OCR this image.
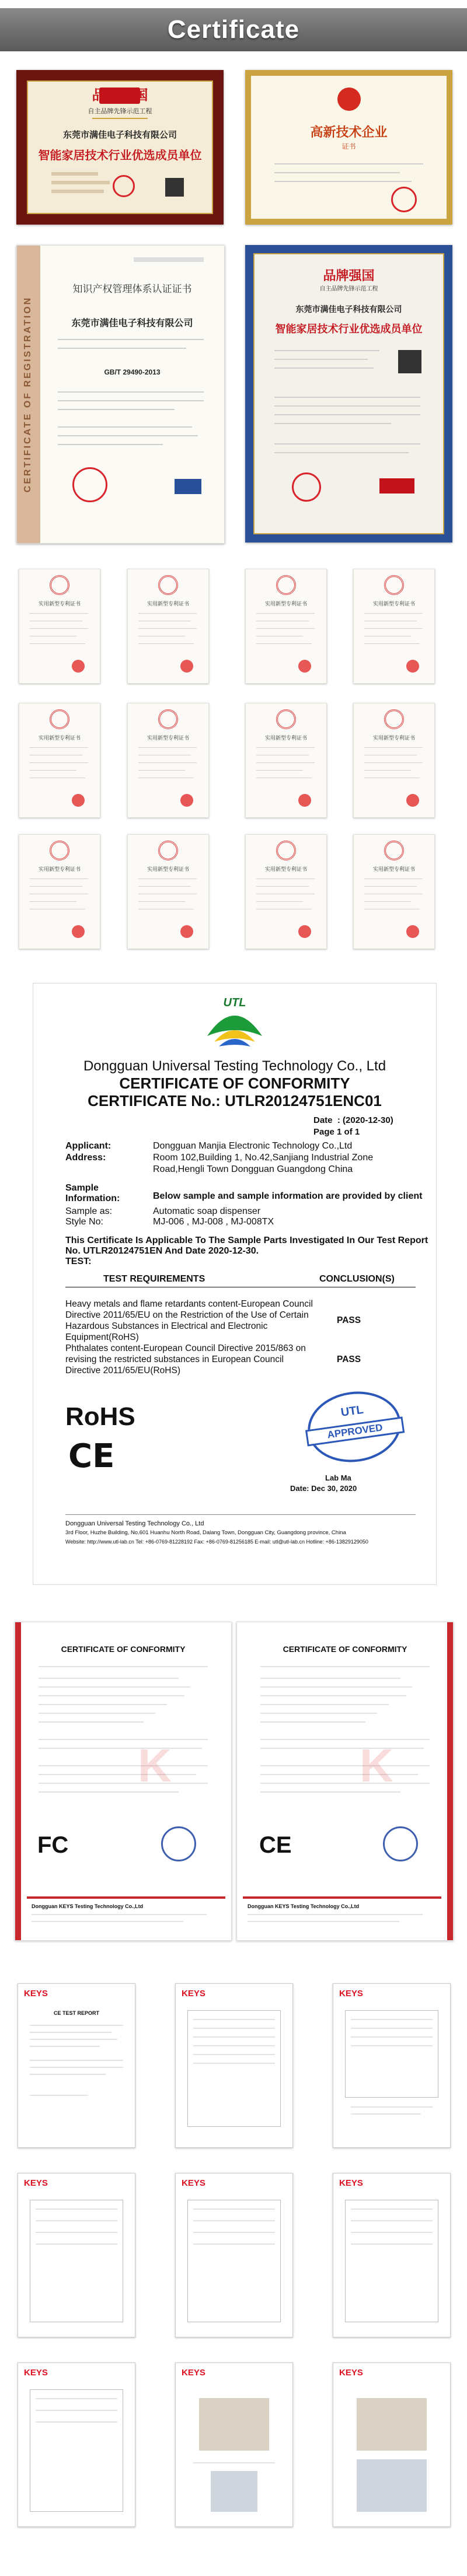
Certificate
品牌强国
自主品牌先锋示范工程
东莞市满佳电子科技有限公司
智能家居技术行业优选成员单位
高新技术企业
证书
CERTIFICATE OF REGISTRATION
知识产权管理体系认证证书
东莞市满佳电子科技有限公司
GB/T 29490-2013
品牌强国
自主品牌先锋示范工程
东莞市满佳电子科技有限公司
智能家居技术行业优选成员单位
实用新型专利证书	实用新型专利证书	实用新型专利证书	实用新型专利证书
实用新型专利证书	实用新型专利证书	实用新型专利证书	实用新型专利证书
实用新型专利证书	实用新型专利证书	实用新型专利证书	实用新型专利证书
UTL
Dongguan Universal Testing Technology Co., Ltd
CERTIFICATE OF CONFORMITY
CERTIFICATE No.: UTLR20124751ENC01
Date  : (2020-12-30)
Page 1 of 1
Applicant:	Dongguan Manjia Electronic Technology Co.,Ltd
Address:	Room 102,Building 1, No.42,Sanjiang Industrial Zone
Road,Hengli Town Dongguan Guangdong China
Sample
Information:	Below sample and sample information are provided by client
Sample as:	Automatic soap dispenser
Style No:	MJ-006 , MJ-008 , MJ-008TX
This Certificate Is Applicable To The Sample Parts Investigated In Our Test Report
No. UTLR20124751EN And Date 2020-12-30.
TEST:
TEST REQUIREMENTS	CONCLUSION(S)
Heavy metals and flame retardants content-European Council
Directive 2011/65/EU on the Restriction of the Use of Certain
Hazardous Substances in Electrical and Electronic
Equipment(RoHS)
PASS
Phthalates content-European Council Directive 2015/863 on
revising the restricted substances in European Council
Directive 2011/65/EU(RoHS)
PASS
RoHS
CE
UTL
APPROVED
Lab Ma
Date: Dec 30, 2020
Dongguan Universal Testing Technology Co., Ltd
3rd Floor, Huzhe Building, No.601 Huanhu North Road, Dalang Town, Dongguan City, Guangdong province, China
Website: http://www.utl-lab.cn Tel: +86-0769-81228192 Fax: +86-0769-81256185 E-mail: utl@utl-lab.cn Hotline: +86-13829129050
CERTIFICATE OF CONFORMITY
K
FC
Dongguan KEYS Testing Technology Co.,Ltd
CERTIFICATE OF CONFORMITY
K
CE
Dongguan KEYS Testing Technology Co.,Ltd
KEYS
CE TEST REPORT
KEYS	KEYS
KEYS	KEYS	KEYS
KEYS	KEYS	KEYS
